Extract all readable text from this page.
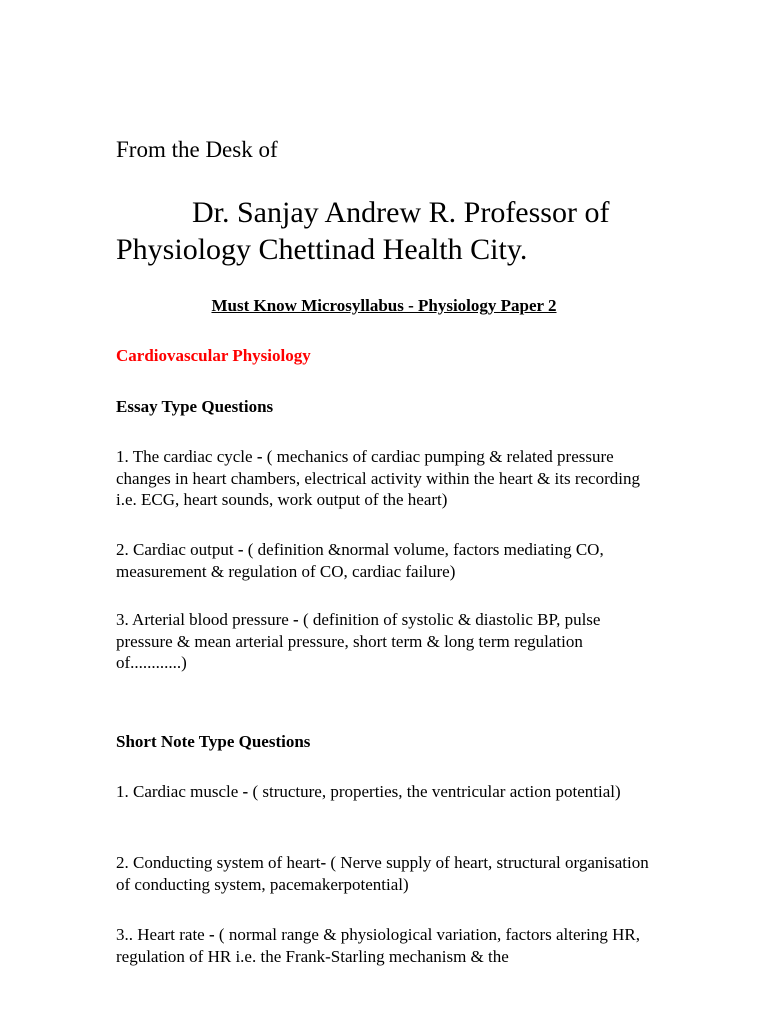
From the Desk of

Dr. Sanjay Andrew R. Professor of
Physiology Chettinad Health City.

Must Know Microsyllabus - Physiology Paper 2

Cardiovascular Physiology

Essay Type Questions

1. The cardiac cycle - ( mechanics of cardiac pumping & related pressure changes in heart chambers, electrical activity within the heart & its recording i.e. ECG, heart sounds, work output of the heart)

2. Cardiac output - ( definition &normal volume, factors mediating CO, measurement & regulation of CO, cardiac failure)

3. Arterial blood pressure - ( definition of systolic & diastolic BP, pulse pressure & mean arterial pressure, short term & long term regulation of............)

Short Note Type Questions

1. Cardiac muscle - ( structure, properties, the ventricular action potential)

2. Conducting system of heart- ( Nerve supply of heart, structural organisation of conducting system, pacemakerpotential)

3.. Heart rate - ( normal range & physiological variation, factors altering HR, regulation of HR i.e. the Frank-Starling mechanism & the
